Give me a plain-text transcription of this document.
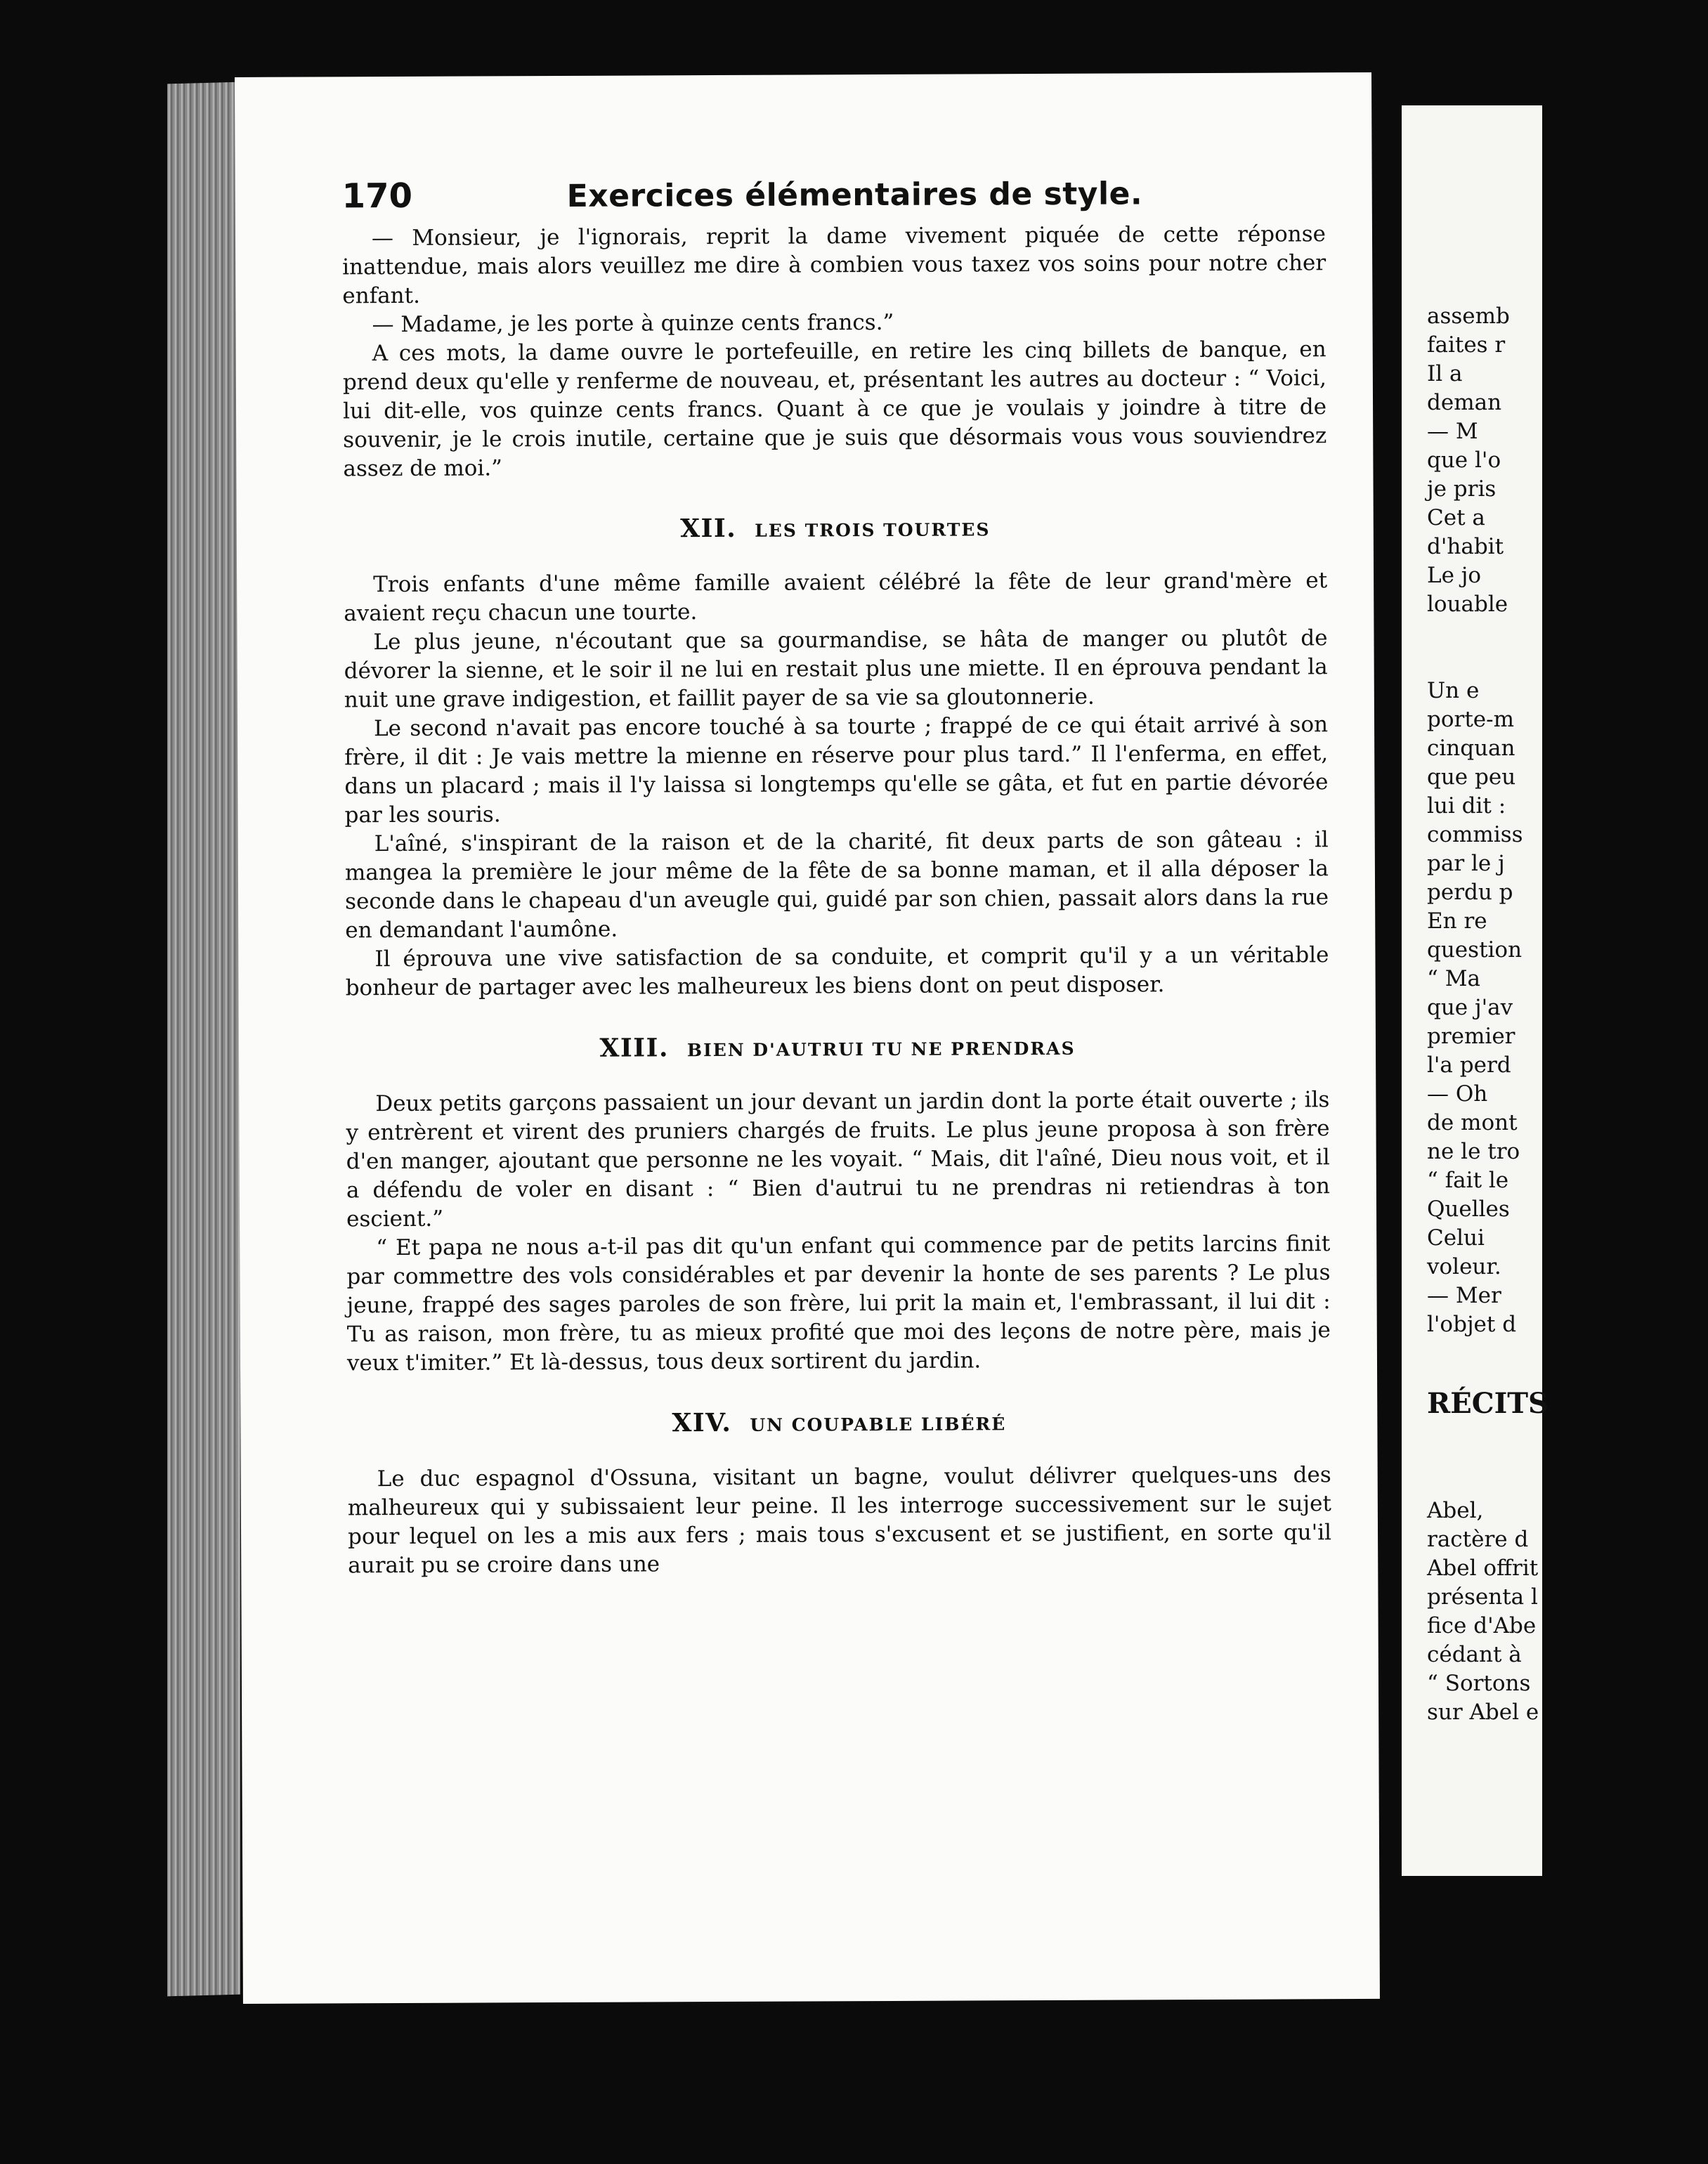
170	Exercices élémentaires de style.

— Monsieur, je l'ignorais, reprit la dame vivement piquée de cette réponse inattendue, mais alors veuillez me dire à combien vous taxez vos soins pour notre cher enfant.

— Madame, je les porte à quinze cents francs.”

A ces mots, la dame ouvre le portefeuille, en retire les cinq billets de banque, en prend deux qu'elle y renferme de nouveau, et, présentant les autres au docteur : “ Voici, lui dit-elle, vos quinze cents francs. Quant à ce que je voulais y joindre à titre de souvenir, je le crois inutile, certaine que je suis que désormais vous vous souviendrez assez de moi.”

XII. LES TROIS TOURTES

Trois enfants d'une même famille avaient célébré la fête de leur grand'mère et avaient reçu chacun une tourte.

Le plus jeune, n'écoutant que sa gourmandise, se hâta de manger ou plutôt de dévorer la sienne, et le soir il ne lui en restait plus une miette. Il en éprouva pendant la nuit une grave indigestion, et faillit payer de sa vie sa gloutonnerie.

Le second n'avait pas encore touché à sa tourte ; frappé de ce qui était arrivé à son frère, il dit : Je vais mettre la mienne en réserve pour plus tard.” Il l'enferma, en effet, dans un placard ; mais il l'y laissa si longtemps qu'elle se gâta, et fut en partie dévorée par les souris.

L'aîné, s'inspirant de la raison et de la charité, fit deux parts de son gâteau : il mangea la première le jour même de la fête de sa bonne maman, et il alla déposer la seconde dans le chapeau d'un aveugle qui, guidé par son chien, passait alors dans la rue en demandant l'aumône.

Il éprouva une vive satisfaction de sa conduite, et comprit qu'il y a un véritable bonheur de partager avec les malheureux les biens dont on peut disposer.

XIII. BIEN D'AUTRUI TU NE PRENDRAS

Deux petits garçons passaient un jour devant un jardin dont la porte était ouverte ; ils y entrèrent et virent des pruniers chargés de fruits. Le plus jeune proposa à son frère d'en manger, ajoutant que personne ne les voyait. “ Mais, dit l'aîné, Dieu nous voit, et il a défendu de voler en disant : “ Bien d'autrui tu ne prendras ni retiendras à ton escient.”

“ Et papa ne nous a-t-il pas dit qu'un enfant qui commence par de petits larcins finit par commettre des vols considérables et par devenir la honte de ses parents ? Le plus jeune, frappé des sages paroles de son frère, lui prit la main et, l'embrassant, il lui dit : Tu as raison, mon frère, tu as mieux profité que moi des leçons de notre père, mais je veux t'imiter.” Et là-dessus, tous deux sortirent du jardin.

XIV. UN COUPABLE LIBÉRÉ

Le duc espagnol d'Ossuna, visitant un bagne, voulut délivrer quelques-uns des malheureux qui y subissaient leur peine. Il les interroge successivement sur le sujet pour lequel on les a mis aux fers ; mais tous s'excusent et se justifient, en sorte qu'il aurait pu se croire dans une

assemb
faites r
Il a
deman
— M
que l'o
je pris
Cet a
d'habit
Le jo
louable
Un e
porte-m
cinquan
que peu
lui dit :
commiss
par le j
perdu p
En re
question
“ Ma
que j'av
premier
l'a perd
— Oh
de mont
ne le tro
“ fait le
Quelles
Celui
voleur.
— Mer
l'objet d
RÉCITS
Abel,
ractère d
Abel offrit
présenta l
fice d'Abe
cédant à
“ Sortons
sur Abel e
